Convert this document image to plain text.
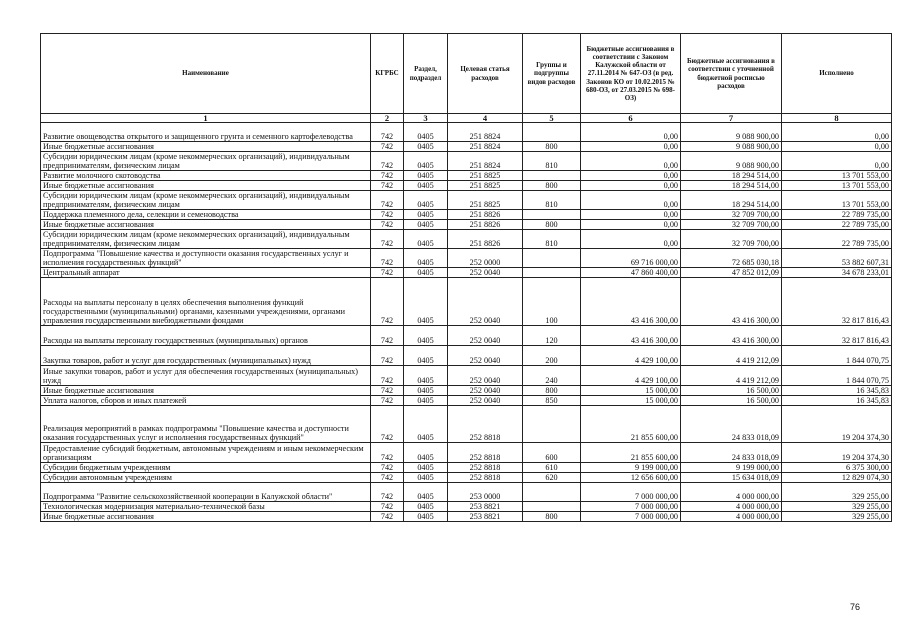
Наименование	КГРБС	Раздел, подраздел	Целевая статья расходов	Группы и подгруппы видов расходов	Бюджетные ассигнования в соответствии с Законом Калужской области от 27.11.2014 № 647-ОЗ (в ред. Законов КО от 10.02.2015 № 680-ОЗ, от 27.03.2015 № 698-ОЗ)	Бюджетные ассигнования в соответствии с уточненной бюджетной росписью расходов	Исполнено
1	2	3	4	5	6	7	8
Развитие овощеводства открытого и защищенного грунта и семенного картофелеводства	742	0405	251 8824		0,00	9 088 900,00	0,00
Иные бюджетные ассигнования	742	0405	251 8824	800	0,00	9 088 900,00	0,00
Субсидии юридическим лицам (кроме некоммерческих организаций), индивидуальным предпринимателям, физическим лицам	742	0405	251 8824	810	0,00	9 088 900,00	0,00
Развитие молочного скотоводства	742	0405	251 8825		0,00	18 294 514,00	13 701 553,00
Иные бюджетные ассигнования	742	0405	251 8825	800	0,00	18 294 514,00	13 701 553,00
Субсидии юридическим лицам (кроме некоммерческих организаций), индивидуальным предпринимателям, физическим лицам	742	0405	251 8825	810	0,00	18 294 514,00	13 701 553,00
Поддержка племенного дела, селекции и семеноводства	742	0405	251 8826		0,00	32 709 700,00	22 789 735,00
Иные бюджетные ассигнования	742	0405	251 8826	800	0,00	32 709 700,00	22 789 735,00
Субсидии юридическим лицам (кроме некоммерческих организаций), индивидуальным предпринимателям, физическим лицам	742	0405	251 8826	810	0,00	32 709 700,00	22 789 735,00
Подпрограмма "Повышение качества и доступности оказания государственных услуг и исполнения государственных функций"	742	0405	252 0000		69 716 000,00	72 685 030,18	53 882 607,31
Центральный аппарат	742	0405	252 0040		47 860 400,00	47 852 012,09	34 678 233,01
Расходы на выплаты персоналу в целях обеспечения выполнения функций государственными (муниципальными) органами, казенными учреждениями, органами управления государственными внебюджетными фондами	742	0405	252 0040	100	43 416 300,00	43 416 300,00	32 817 816,43
Расходы на выплаты персоналу государственных (муниципальных) органов	742	0405	252 0040	120	43 416 300,00	43 416 300,00	32 817 816,43
Закупка товаров, работ и услуг для государственных (муниципальных) нужд	742	0405	252 0040	200	4 429 100,00	4 419 212,09	1 844 070,75
Иные закупки товаров, работ и услуг для обеспечения государственных (муниципальных) нужд	742	0405	252 0040	240	4 429 100,00	4 419 212,09	1 844 070,75
Иные бюджетные ассигнования	742	0405	252 0040	800	15 000,00	16 500,00	16 345,83
Уплата налогов, сборов и иных платежей	742	0405	252 0040	850	15 000,00	16 500,00	16 345,83
Реализация мероприятий в рамках подпрограммы "Повышение качества и доступности оказания государственных услуг и исполнения государственных функций"	742	0405	252 8818		21 855 600,00	24 833 018,09	19 204 374,30
Предоставление субсидий бюджетным, автономным учреждениям и иным некоммерческим организациям	742	0405	252 8818	600	21 855 600,00	24 833 018,09	19 204 374,30
Субсидии бюджетным учреждениям	742	0405	252 8818	610	9 199 000,00	9 199 000,00	6 375 300,00
Субсидии автономным учреждениям	742	0405	252 8818	620	12 656 600,00	15 634 018,09	12 829 074,30
Подпрограмма "Развитие сельскохозяйственной кооперации в Калужской области"	742	0405	253 0000		7 000 000,00	4 000 000,00	329 255,00
Технологическая модернизация материально-технической базы	742	0405	253 8821		7 000 000,00	4 000 000,00	329 255,00
Иные бюджетные ассигнования	742	0405	253 8821	800	7 000 000,00	4 000 000,00	329 255,00
76
